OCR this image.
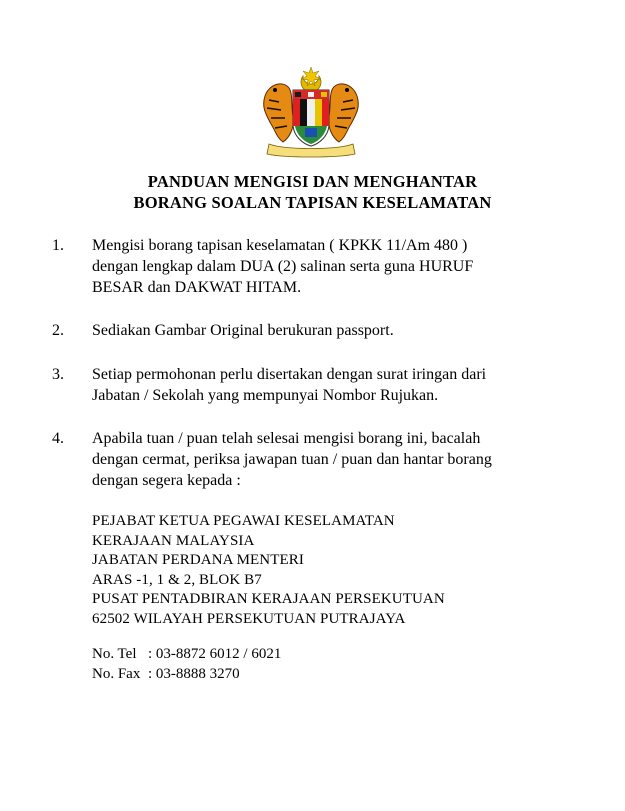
PANDUAN MENGISI DAN MENGHANTAR
BORANG SOALAN TAPISAN KESELAMATAN
1. Mengisi borang tapisan keselamatan ( KPKK 11/Am 480 )
dengan lengkap dalam DUA (2) salinan serta guna HURUF
BESAR dan DAKWAT HITAM.
2. Sediakan Gambar Original berukuran passport.
3. Setiap permohonan perlu disertakan dengan surat iringan dari
Jabatan / Sekolah yang mempunyai Nombor Rujukan.
4. Apabila tuan / puan telah selesai mengisi borang ini, bacalah
dengan cermat, periksa jawapan tuan / puan dan hantar borang
dengan segera kepada :
PEJABAT KETUA PEGAWAI KESELAMATAN
KERAJAAN MALAYSIA
JABATAN PERDANA MENTERI
ARAS -1, 1 & 2, BLOK B7
PUSAT PENTADBIRAN KERAJAAN PERSEKUTUAN
62502 WILAYAH PERSEKUTUAN PUTRAJAYA
No. Tel : 03-8872 6012 / 6021
No. Fax : 03-8888 3270
